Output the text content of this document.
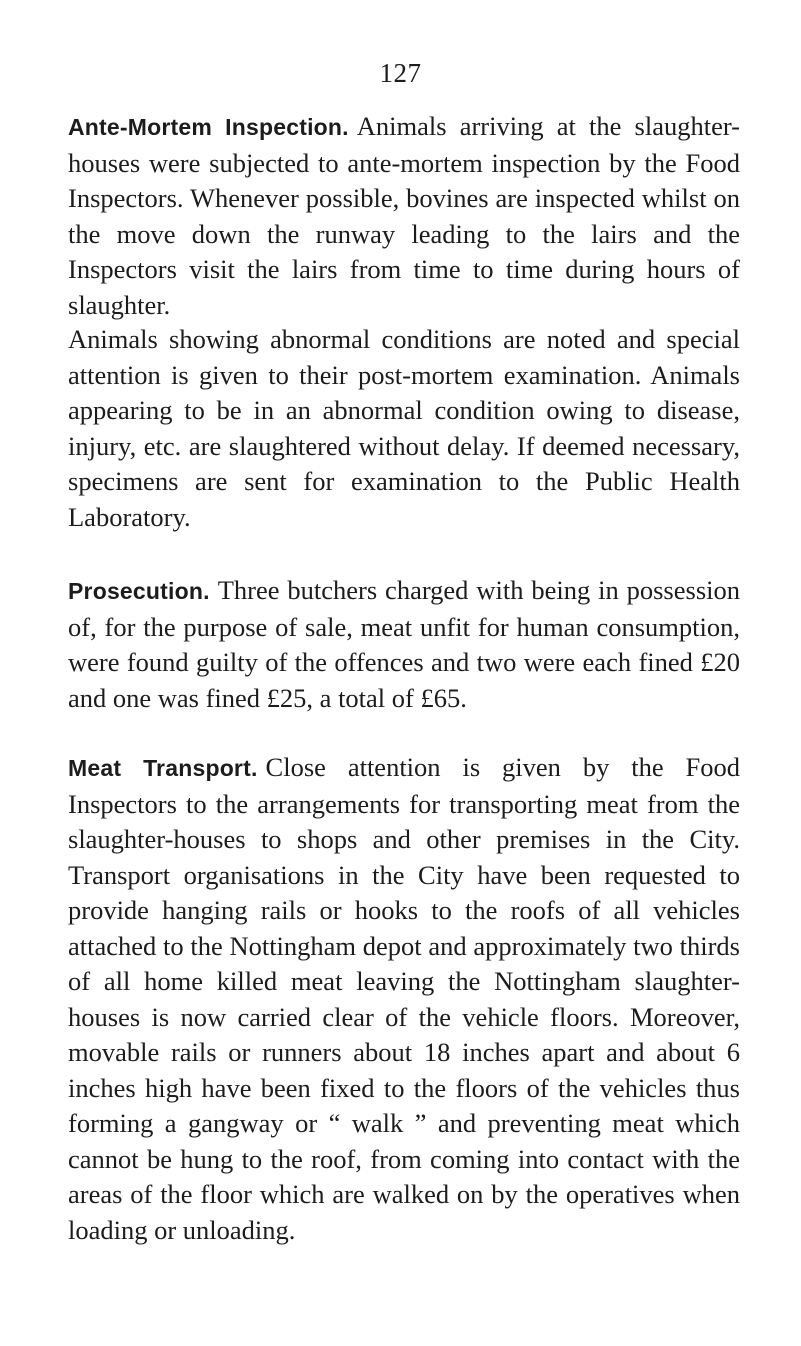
127

Ante-Mortem Inspection. Animals arriving at the slaughter-houses were subjected to ante-mortem inspection by the Food Inspectors. Whenever possible, bovines are inspected whilst on the move down the runway leading to the lairs and the Inspectors visit the lairs from time to time during hours of slaughter.

Animals showing abnormal conditions are noted and special attention is given to their post-mortem examination. Animals appearing to be in an abnormal condition owing to disease, injury, etc. are slaughtered without delay. If deemed necessary, specimens are sent for examination to the Public Health Laboratory.

Prosecution. Three butchers charged with being in possession of, for the purpose of sale, meat unfit for human consumption, were found guilty of the offences and two were each fined £20 and one was fined £25, a total of £65.

Meat Transport. Close attention is given by the Food Inspectors to the arrangements for transporting meat from the slaughter-houses to shops and other premises in the City. Transport organisations in the City have been requested to provide hanging rails or hooks to the roofs of all vehicles attached to the Nottingham depot and approximately two thirds of all home killed meat leaving the Nottingham slaughter-houses is now carried clear of the vehicle floors. Moreover, movable rails or runners about 18 inches apart and about 6 inches high have been fixed to the floors of the vehicles thus forming a gangway or “ walk ” and preventing meat which cannot be hung to the roof, from coming into contact with the areas of the floor which are walked on by the operatives when loading or unloading.
